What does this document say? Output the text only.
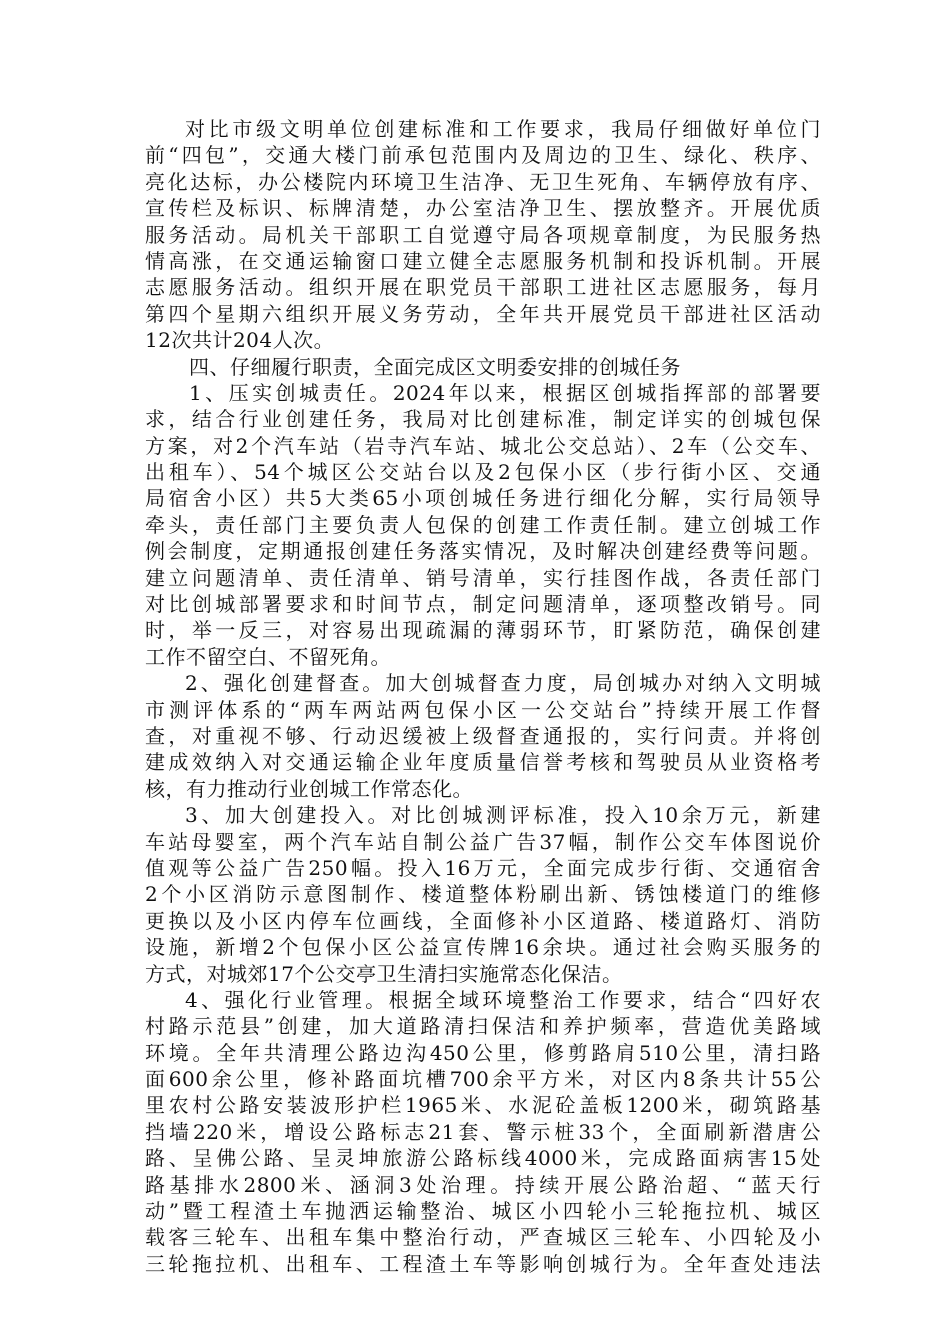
对比市级文明单位创建标准和工作要求，我局仔细做好单位门
前“四包”，交通大楼门前承包范围内及周边的卫生、绿化、秩序、
亮化达标，办公楼院内环境卫生洁净、无卫生死角、车辆停放有序、
宣传栏及标识、标牌清楚，办公室洁净卫生、摆放整齐。开展优质
服务活动。局机关干部职工自觉遵守局各项规章制度，为民服务热
情高涨，在交通运输窗口建立健全志愿服务机制和投诉机制。开展
志愿服务活动。组织开展在职党员干部职工进社区志愿服务，每月
第四个星期六组织开展义务劳动，全年共开展党员干部进社区活动
12次共计204人次。
四、仔细履行职责，全面完成区文明委安排的创城任务
1、压实创城责任。2024年以来，根据区创城指挥部的部署要
求，结合行业创建任务，我局对比创建标准，制定详实的创城包保
方案，对2个汽车站（岩寺汽车站、城北公交总站）、2车（公交车、
出租车）、54个城区公交站台以及2包保小区（步行街小区、交通
局宿舍小区）共5大类65小项创城任务进行细化分解，实行局领导
牵头，责任部门主要负责人包保的创建工作责任制。建立创城工作
例会制度，定期通报创建任务落实情况，及时解决创建经费等问题。
建立问题清单、责任清单、销号清单，实行挂图作战，各责任部门
对比创城部署要求和时间节点，制定问题清单，逐项整改销号。同
时，举一反三，对容易出现疏漏的薄弱环节，盯紧防范，确保创建
工作不留空白、不留死角。
2、强化创建督查。加大创城督查力度，局创城办对纳入文明城
市测评体系的“两车两站两包保小区一公交站台”持续开展工作督
查，对重视不够、行动迟缓被上级督查通报的，实行问责。并将创
建成效纳入对交通运输企业年度质量信誉考核和驾驶员从业资格考
核，有力推动行业创城工作常态化。
3、加大创建投入。对比创城测评标准，投入10余万元，新建
车站母婴室，两个汽车站自制公益广告37幅，制作公交车体图说价
值观等公益广告250幅。投入16万元，全面完成步行街、交通宿舍
2个小区消防示意图制作、楼道整体粉刷出新、锈蚀楼道门的维修
更换以及小区内停车位画线，全面修补小区道路、楼道路灯、消防
设施，新增2个包保小区公益宣传牌16余块。通过社会购买服务的
方式，对城郊17个公交亭卫生清扫实施常态化保洁。
4、强化行业管理。根据全域环境整治工作要求，结合“四好农
村路示范县”创建，加大道路清扫保洁和养护频率，营造优美路域
环境。全年共清理公路边沟450公里，修剪路肩510公里，清扫路
面600余公里，修补路面坑槽700余平方米，对区内8条共计55公
里农村公路安装波形护栏1965米、水泥砼盖板1200米，砌筑路基
挡墙220米，增设公路标志21套、警示桩33个，全面刷新潜唐公
路、呈佛公路、呈灵坤旅游公路标线4000米，完成路面病害15处
路基排水2800米、涵洞3处治理。持续开展公路治超、“蓝天行
动”暨工程渣土车抛洒运输整治、城区小四轮小三轮拖拉机、城区
载客三轮车、出租车集中整治行动，严查城区三轮车、小四轮及小
三轮拖拉机、出租车、工程渣土车等影响创城行为。全年查处违法
